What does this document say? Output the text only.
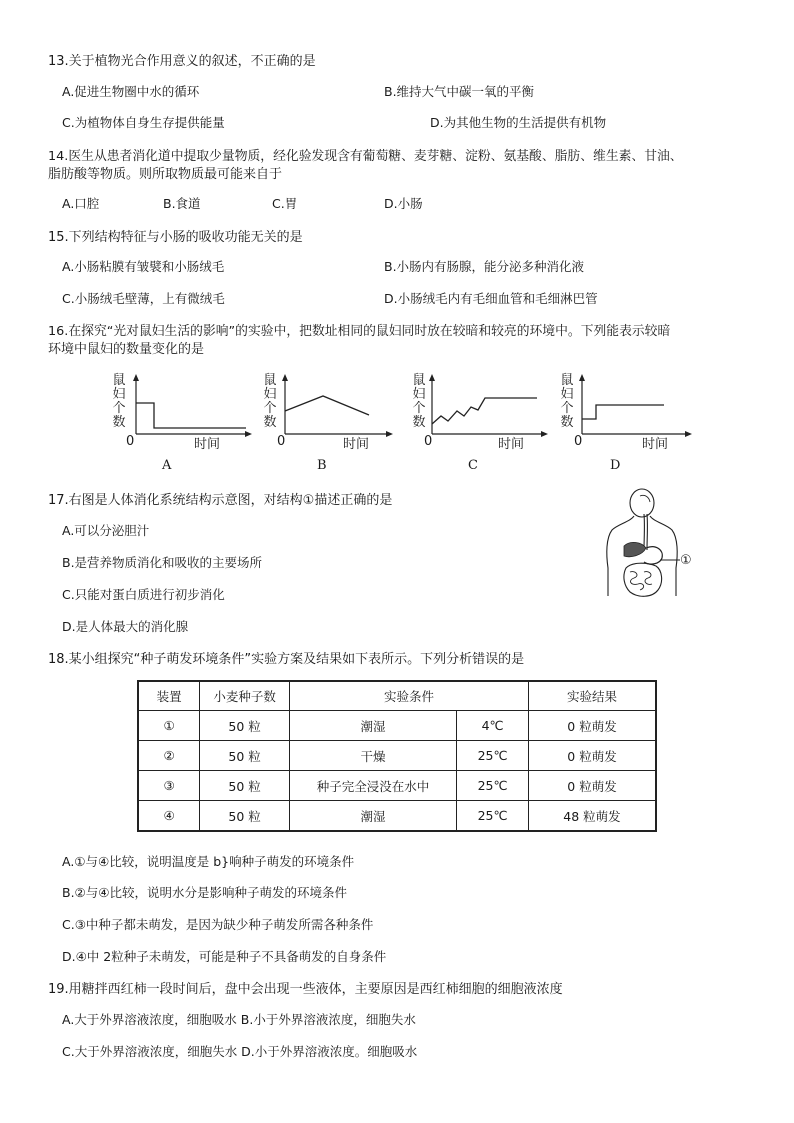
13.关于植物光合作用意义的叙述，不正确的是
A.促进生物圈中水的循环	B.维持大气中碳一氧的平衡
C.为植物体自身生存提供能量	D.为其他生物的生活提供有机物
14.医生从患者消化道中提取少量物质，经化验发现含有葡萄糖、麦芽糖、淀粉、氨基酸、脂肪、维生素、甘油、
脂肪酸等物质。则所取物质最可能来自于
A.口腔	B.食道	C.胃	D.小肠
15.下列结构特征与小肠的吸收功能无关的是
A.小肠粘膜有皱襞和小肠绒毛	B.小肠内有肠腺，能分泌多种消化液
C.小肠绒毛壁薄，上有微绒毛	D.小肠绒毛内有毛细血管和毛细淋巴管
16.在探究“光对鼠妇生活的影响”的实验中，把数址相同的鼠妇同时放在较暗和较亮的环境中。下列能表示较暗
环境中鼠妇的数量变化的是
鼠妇个数
0	时间
A
鼠妇个数
0	时间
B
鼠妇个数
0	时间
C
鼠妇个数
0	时间
D
17.右图是人体消化系统结构示意图，对结构①描述正确的是
A.可以分泌胆汁
B.是营养物质消化和吸收的主要场所
C.只能对蛋白质进行初步消化
D.是人体最大的消化腺
①
18.某小组探究“种子萌发环境条件”实验方案及结果如下表所示。下列分析错误的是
装置	小麦种子数	实验条件		实验结果
①	50 粒	潮湿	4℃	0 粒萌发
②	50 粒	干燥	25℃	0 粒萌发
③	50 粒	种子完全浸没在水中	25℃	0 粒萌发
④	50 粒	潮湿	25℃	48 粒萌发
A.①与④比较，说明温度是 b}响种子萌发的环境条件
B.②与④比较，说明水分是影响种子萌发的环境条件
C.③中种子都未萌发，是因为缺少种子萌发所需各种条件
D.④中 2粒种子未萌发，可能是种子不具备萌发的自身条件
19.用糖拌西红柿一段时间后，盘中会出现一些液体，主要原因是西红柿细胞的细胞液浓度
A.大于外界溶液浓度，细胞吸水 B.小于外界溶液浓度，细胞失水
C.大于外界溶液浓度，细胞失水 D.小于外界溶液浓度。细胞吸水
